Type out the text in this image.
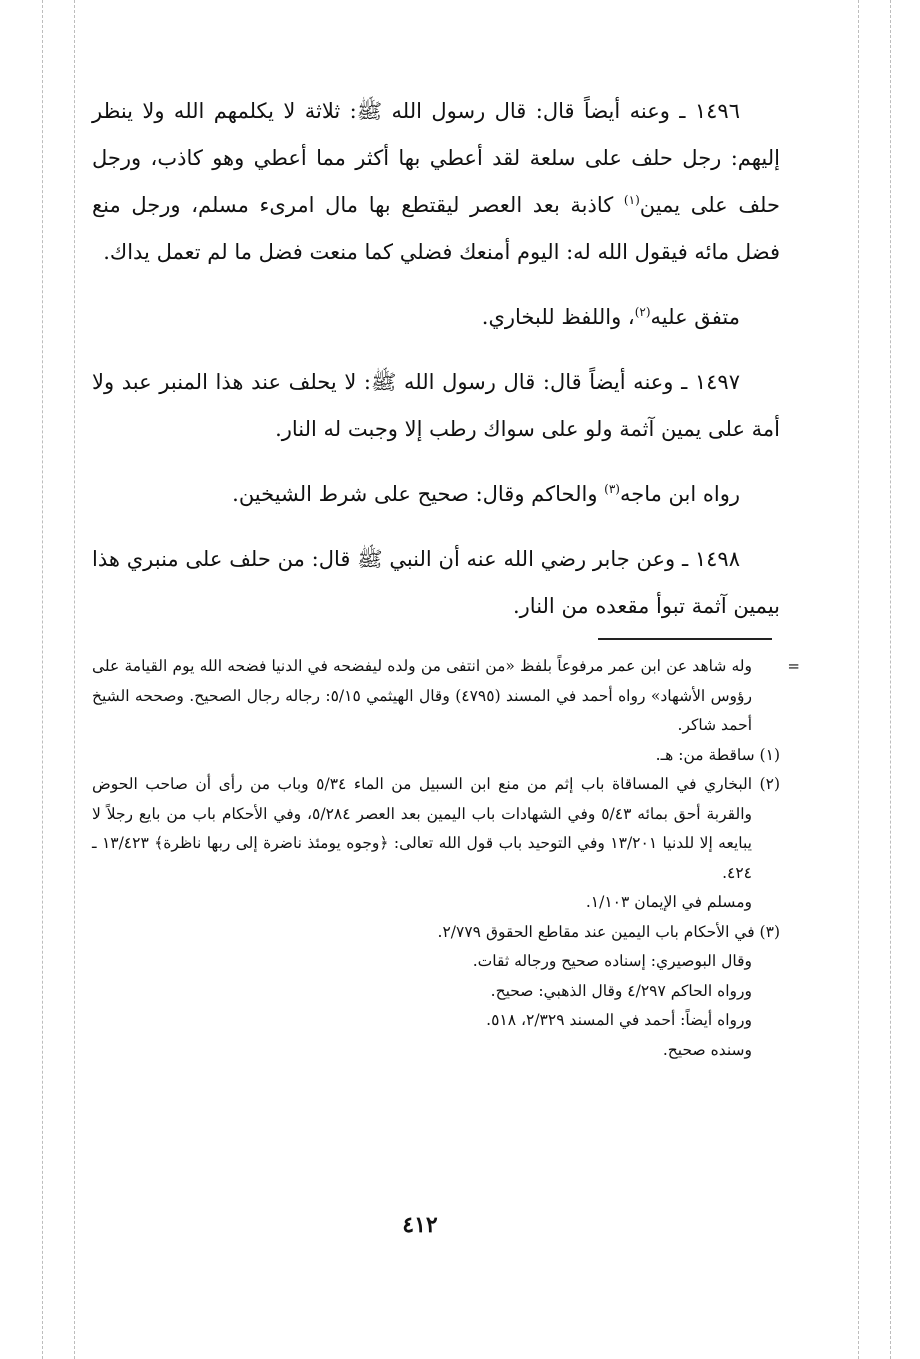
١٤٩٦ ـ وعنه أيضاً قال: قال رسول الله ﷺ: ثلاثة لا يكلمهم الله ولا ينظر إليهم: رجل حلف على سلعة لقد أعطي بها أكثر مما أعطي وهو كاذب، ورجل حلف على يمين$^{(١)}$ كاذبة بعد العصر ليقتطع بها مال امرىء مسلم، ورجل منع فضل مائه فيقول الله له: اليوم أمنعك فضلي كما منعت فضل ما لم تعمل يداك.

متفق عليه$^{(٢)}$، واللفظ للبخاري.

١٤٩٧ ـ وعنه أيضاً قال: قال رسول الله ﷺ: لا يحلف عند هذا المنبر عبد ولا أمة على يمين آثمة ولو على سواك رطب إلا وجبت له النار.

رواه ابن ماجه$^{(٣)}$ والحاكم وقال: صحيح على شرط الشيخين.

١٤٩٨ ـ وعن جابر رضي الله عنه أن النبي ﷺ قال: من حلف على منبري هذا بيمين آثمة تبوأ مقعده من النار.

=

وله شاهد عن ابن عمر مرفوعاً بلفظ «من انتفى من ولده ليفضحه في الدنيا فضحه الله يوم القيامة على رؤوس الأشهاد» رواه أحمد في المسند (٤٧٩٥) وقال الهيثمي ٥/١٥: رجاله رجال الصحيح. وصححه الشيخ أحمد شاكر.

(١) ساقطة من: هـ.

(٢) البخاري في المساقاة باب إثم من منع ابن السبيل من الماء ٥/٣٤ وباب من رأى أن صاحب الحوض والقربة أحق بمائه ٥/٤٣ وفي الشهادات باب اليمين بعد العصر ٥/٢٨٤، وفي الأحكام باب من بايع رجلاً لا يبايعه إلا للدنيا ١٣/٢٠١ وفي التوحيد باب قول الله تعالى: ﴿وجوه يومئذ ناضرة إلى ربها ناظرة﴾ ١٣/٤٢٣ ـ ٤٢٤.

ومسلم في الإيمان ١/١٠٣.

(٣) في الأحكام باب اليمين عند مقاطع الحقوق ٢/٧٧٩.

وقال البوصيري: إسناده صحيح ورجاله ثقات.

ورواه الحاكم ٤/٢٩٧ وقال الذهبي: صحيح.

ورواه أيضاً: أحمد في المسند ٢/٣٢٩، ٥١٨.

وسنده صحيح.

٤١٢
